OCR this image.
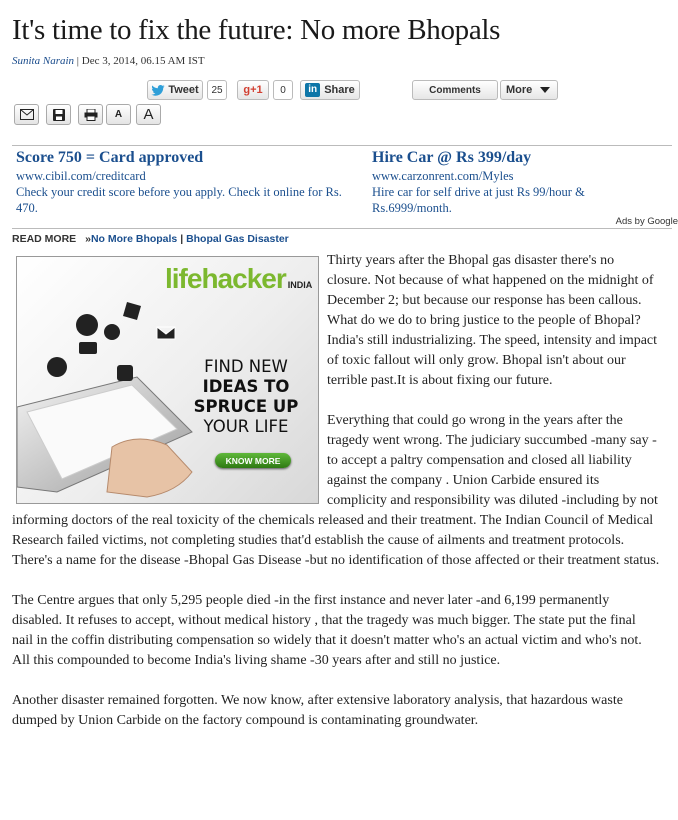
It's time to fix the future: No more Bhopals
Sunita Narain | Dec 3, 2014, 06.15 AM IST
Tweet	25	g +1	0	in Share	Comments	More
A	A
Score 750 = Card approved
www.cibil.com/creditcard
Check your credit score before you apply. Check it online for Rs. 470.
Hire Car @ Rs 399/day
www.carzonrent.com/Myles
Hire car for self drive at just Rs 99/hour & Rs.6999/month.
Ads by Google
READ MORE »No More Bhopals | Bhopal Gas Disaster
lifehacker INDIA
FIND NEW
IDEAS TO
SPRUCE UP
YOUR LIFE
KNOW MORE

Thirty years after the Bhopal gas disaster there's no closure. Not because of what happened on the midnight of December 2; but because our response has been callous. What do we do to bring justice to the people of Bhopal? India's still industrializing. The speed, intensity and impact of toxic fallout will only grow. Bhopal isn't about our terrible past.It is about fixing our future.

Everything that could go wrong in the years after the tragedy went wrong. The judiciary succumbed -many say -to accept a paltry compensation and closed all liability against the company . Union Carbide ensured its complicity and responsibility was diluted -including by not informing doctors of the real toxicity of the chemicals released and their treatment. The Indian Council of Medical Research failed victims, not completing studies that'd establish the cause of ailments and treatment protocols. There's a name for the disease -Bhopal Gas Disease -but no identification of those affected or their treatment status.

The Centre argues that only 5,295 people died -in the first instance and never later -and 6,199 permanently disabled. It refuses to accept, without medical history , that the tragedy was much bigger. The state put the final nail in the coffin distributing compensation so widely that it doesn't matter who's an actual victim and who's not. All this compounded to become India's living shame -30 years after and still no justice.

Another disaster remained forgotten. We now know, after extensive laboratory analysis, that hazardous waste dumped by Union Carbide on the factory compound is contaminating groundwater.
